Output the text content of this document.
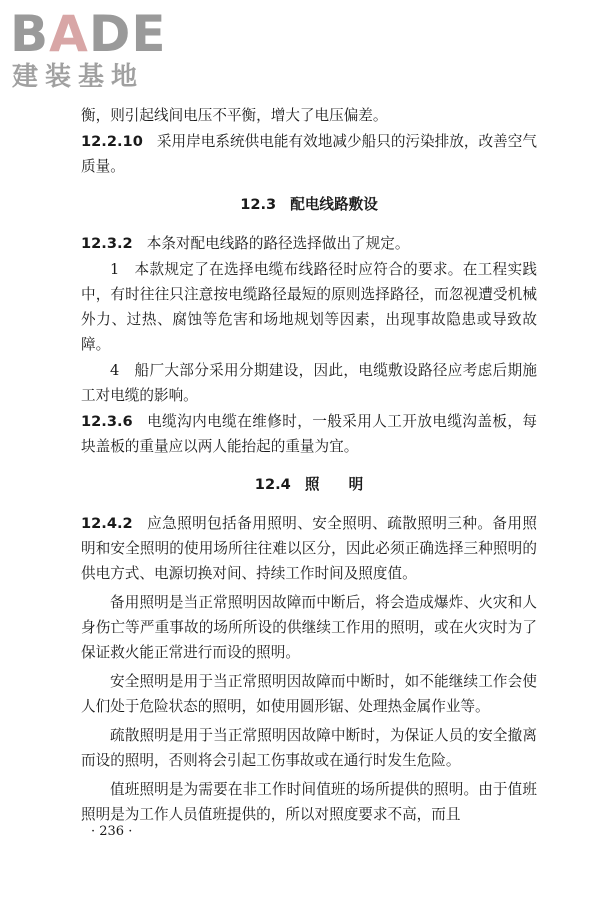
BADE
建装基地

衡，则引起线间电压不平衡，增大了电压偏差。

12.2.10 采用岸电系统供电能有效地减少船只的污染排放，改善空气质量。

12.3 配电线路敷设

12.3.2 本条对配电线路的路径选择做出了规定。

1　本款规定了在选择电缆布线路径时应符合的要求。在工程实践中，有时往往只注意按电缆路径最短的原则选择路径，而忽视遭受机械外力、过热、腐蚀等危害和场地规划等因素，出现事故隐患或导致故障。

4　船厂大部分采用分期建设，因此，电缆敷设路径应考虑后期施工对电缆的影响。

12.3.6 电缆沟内电缆在维修时，一般采用人工开放电缆沟盖板，每块盖板的重量应以两人能抬起的重量为宜。

12.4 照　　明

12.4.2 应急照明包括备用照明、安全照明、疏散照明三种。备用照明和安全照明的使用场所往往难以区分，因此必须正确选择三种照明的供电方式、电源切换对间、持续工作时间及照度值。

备用照明是当正常照明因故障而中断后，将会造成爆炸、火灾和人身伤亡等严重事故的场所所设的供继续工作用的照明，或在火灾时为了保证救火能正常进行而设的照明。

安全照明是用于当正常照明因故障而中断时，如不能继续工作会使人们处于危险状态的照明，如使用圆形锯、处理热金属作业等。

疏散照明是用于当正常照明因故障中断时，为保证人员的安全撤离而设的照明，否则将会引起工伤事故或在通行时发生危险。

值班照明是为需要在非工作时间值班的场所提供的照明。由于值班照明是为工作人员值班提供的，所以对照度要求不高，而且

· 236 ·
